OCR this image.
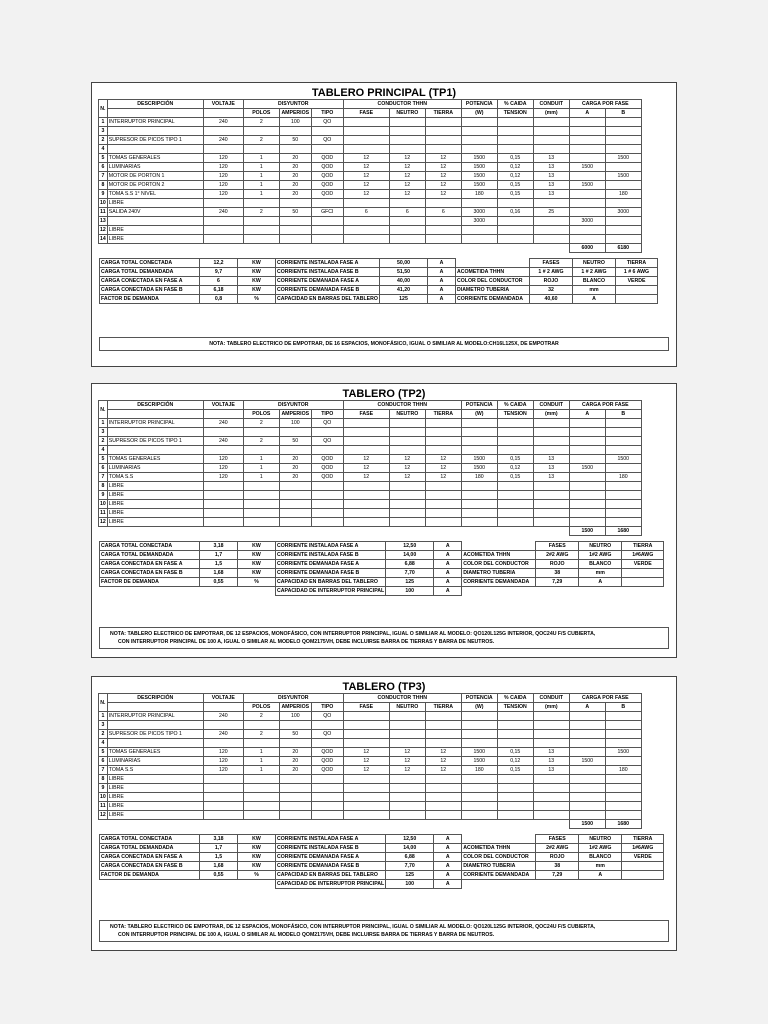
TABLERO PRINCIPAL (TP1)
N.	DESCRIPCIÓN	VOLTAJE	DISYUNTOR			CONDUCTOR THHN			POTENCIA	% CAIDA	CONDUIT	CARGA POR FASE	
			POLOS	AMPERIOS	TIPO	FASE	NEUTRO	TIERRA	(W)	TENSION	(mm)	A	B
1	INTERRUPTOR PRINCIPAL	240	2	100	QO								
3													
2	SUPRESOR DE PICOS TIPO 1	240	2	50	QO								
4													
5	TOMAS GENERALES	120	1	20	QOD	12	12	12	1500	0,15	13		1500
6	LUMINARIAS	120	1	20	QOD	12	12	12	1500	0,12	13	1500	
7	MOTOR DE PORTON 1	120	1	20	QOD	12	12	12	1500	0,12	13		1500
8	MOTOR DE PORTON 2	120	1	20	QOD	12	12	12	1500	0,15	13	1500	
9	TOMA S.S 1° NIVEL	120	1	20	QOD	12	12	12	180	0,15	13		180
10	LIBRE												
11	SALIDA 240V	240	2	50	GFCI	6	6	6	3000	0,16	25		3000
13									3000			3000	
12	LIBRE												
14	LIBRE												
												6000	6180
CARGA TOTAL CONECTADA	12,2	KW	CORRIENTE INSTALADA FASE A	50,00	A		FASES	NEUTRO	TIERRA
CARGA TOTAL DEMANDADA	9,7	KW	CORRIENTE INSTALADA FASE B	51,50	A	ACOMETIDA THHN	1 # 2 AWG	1 # 2 AWG	1 # 6 AWG
CARGA CONECTADA EN FASE A	6	KW	CORRIENTE DEMANADA FASE A	40,00	A	COLOR DEL CONDUCTOR	ROJO	BLANCO	VERDE
CARGA CONECTADA EN FASE B	6,18	KW	CORRIENTE DEMANADA FASE B	41,20	A	DIAMETRO TUBERIA	32	mm	
FACTOR DE DEMANDA	0,8	%	CAPACIDAD EN BARRAS DEL TABLERO	125	A	CORRIENTE DEMANDADA	40,60	A	
NOTA: TABLERO ELECTRICO DE EMPOTRAR, DE 16 ESPACIOS, MONOFÁSICO, IGUAL O SIMILIAR AL MODELO:CH16L125X, DE EMPOTRAR
TABLERO (TP2)
N.	DESCRIPCIÓN	VOLTAJE	DISYUNTOR			CONDUCTOR THHN			POTENCIA	% CAIDA	CONDUIT	CARGA POR FASE	
			POLOS	AMPERIOS	TIPO	FASE	NEUTRO	TIERRA	(W)	TENSION	(mm)	A	B
1	INTERRUPTOR PRINCIPAL	240	2	100	QO								
3													
2	SUPRESOR DE PICOS TIPO 1	240	2	50	QO								
4													
5	TOMAS GENERALES	120	1	20	QOD	12	12	12	1500	0,15	13		1500
6	LUMINARIAS	120	1	20	QOD	12	12	12	1500	0,12	13	1500	
7	TOMA S.S	120	1	20	QOD	12	12	12	180	0,15	13		180
8	LIBRE												
9	LIBRE												
10	LIBRE												
11	LIBRE												
12	LIBRE												
												1500	1680
CARGA TOTAL CONECTADA	3,18	KW	CORRIENTE INSTALADA FASE A	12,50	A		FASES	NEUTRO	TIERRA
CARGA TOTAL DEMANDADA	1,7	KW	CORRIENTE INSTALADA FASE B	14,00	A	ACOMETIDA THHN	2#2 AWG	1#2 AWG	1#6AWG
CARGA CONECTADA EN FASE A	1,5	KW	CORRIENTE DEMANADA FASE A	6,88	A	COLOR DEL CONDUCTOR	ROJO	BLANCO	VERDE
CARGA CONECTADA EN FASE B	1,68	KW	CORRIENTE DEMANADA FASE B	7,70	A	DIAMETRO TUBERIA	38	mm	
FACTOR DE DEMANDA	0,55	%	CAPACIDAD EN BARRAS DEL TABLERO	125	A	CORRIENTE DEMANDADA	7,29	A	
			CAPACIDAD DE INTERRUPTOR PRINCIPAL	100	A				
NOTA: TABLERO ELECTRICO DE EMPOTRAR, DE 12 ESPACIOS, MONOFÁSICO, CON INTERRUPTOR PRINCIPAL, IGUAL O SIMILIAR AL MODELO: QO120L125G INTERIOR, QOC24U F/S CUBIERTA,
CON INTERRUPTOR PRINCIPAL DE 100 A, IGUAL O SIMILAR AL MODELO QOM2175VH, DEBE INCLUIRSE BARRA DE TIERRAS Y BARRA DE NEUTROS.
TABLERO (TP3)
N.	DESCRIPCIÓN	VOLTAJE	DISYUNTOR			CONDUCTOR THHN			POTENCIA	% CAIDA	CONDUIT	CARGA POR FASE	
			POLOS	AMPERIOS	TIPO	FASE	NEUTRO	TIERRA	(W)	TENSION	(mm)	A	B
1	INTERRUPTOR PRINCIPAL	240	2	100	QO								
3													
2	SUPRESOR DE PICOS TIPO 1	240	2	50	QO								
4													
5	TOMAS GENERALES	120	1	20	QOD	12	12	12	1500	0,15	13		1500
6	LUMINARIAS	120	1	20	QOD	12	12	12	1500	0,12	13	1500	
7	TOMA S.S	120	1	20	QOD	12	12	12	180	0,15	13		180
8	LIBRE												
9	LIBRE												
10	LIBRE												
11	LIBRE												
12	LIBRE												
												1500	1680
CARGA TOTAL CONECTADA	3,18	KW	CORRIENTE INSTALADA FASE A	12,50	A		FASES	NEUTRO	TIERRA
CARGA TOTAL DEMANDADA	1,7	KW	CORRIENTE INSTALADA FASE B	14,00	A	ACOMETIDA THHN	2#2 AWG	1#2 AWG	1#6AWG
CARGA CONECTADA EN FASE A	1,5	KW	CORRIENTE DEMANADA FASE A	6,88	A	COLOR DEL CONDUCTOR	ROJO	BLANCO	VERDE
CARGA CONECTADA EN FASE B	1,68	KW	CORRIENTE DEMANADA FASE B	7,70	A	DIAMETRO TUBERIA	38	mm	
FACTOR DE DEMANDA	0,55	%	CAPACIDAD EN BARRAS DEL TABLERO	125	A	CORRIENTE DEMANDADA	7,29	A	
			CAPACIDAD DE INTERRUPTOR PRINCIPAL	100	A				
NOTA: TABLERO ELECTRICO DE EMPOTRAR, DE 12 ESPACIOS, MONOFÁSICO, CON INTERRUPTOR PRINCIPAL, IGUAL O SIMILIAR AL MODELO: QO120L125G INTERIOR, QOC24U F/S CUBIERTA,
CON INTERRUPTOR PRINCIPAL DE 100 A, IGUAL O SIMILAR AL MODELO QOM2175VH, DEBE INCLUIRSE BARRA DE TIERRAS Y BARRA DE NEUTROS.
